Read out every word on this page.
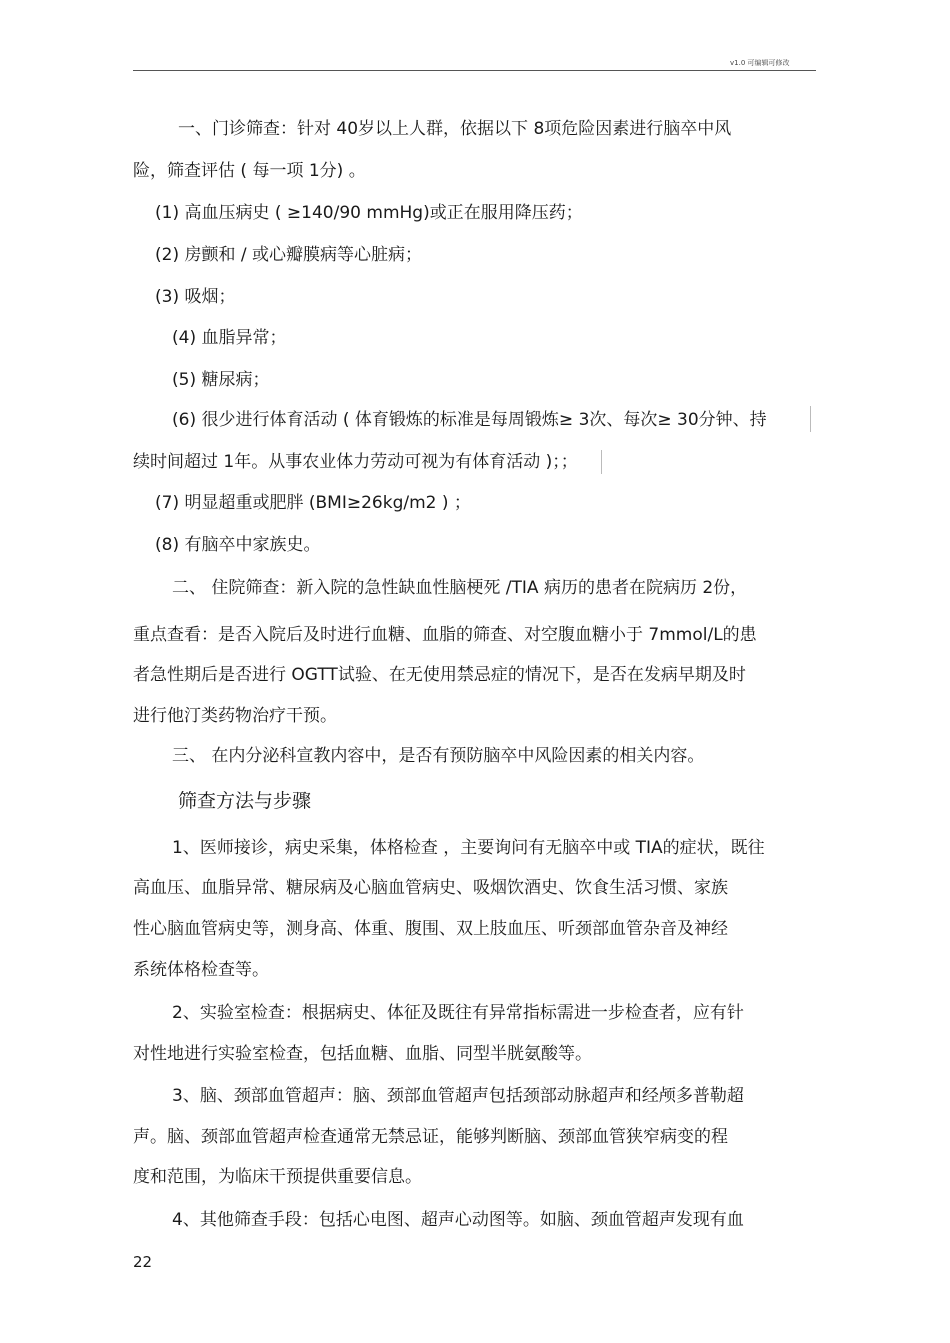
v1.0 可编辑可修改
一、门诊筛查：针对 40岁以上人群，依据以下 8项危险因素进行脑卒中风
险，筛查评估 ( 每一项 1分) 。
(1) 高血压病史 ( ≥140/90 mmHg)或正在服用降压药；
(2) 房颤和 / 或心瓣膜病等心脏病；
(3) 吸烟；
(4) 血脂异常；
(5) 糖尿病；
(6) 很少进行体育活动 ( 体育锻炼的标准是每周锻炼≥ 3次、每次≥ 30分钟、持
续时间超过 1年。从事农业体力劳动可视为有体育活动 )；；
(7) 明显超重或肥胖 (BMI≥26kg/m2 ) ；
(8) 有脑卒中家族史。
二、 住院筛查：新入院的急性缺血性脑梗死 /TIA 病历的患者在院病历 2份，
重点查看：是否入院后及时进行血糖、血脂的筛查、对空腹血糖小于 7mmol/L的患
者急性期后是否进行 OGTT试验、在无使用禁忌症的情况下，是否在发病早期及时
进行他汀类药物治疗干预。
三、 在内分泌科宣教内容中，是否有预防脑卒中风险因素的相关内容。
筛查方法与步骤
1、医师接诊，病史采集，体格检查 ，主要询问有无脑卒中或 TIA的症状，既往
高血压、血脂异常、糖尿病及心脑血管病史、吸烟饮酒史、饮食生活习惯、家族
性心脑血管病史等，测身高、体重、腹围、双上肢血压、听颈部血管杂音及神经
系统体格检查等。
2、实验室检查：根据病史、体征及既往有异常指标需进一步检查者，应有针
对性地进行实验室检查，包括血糖、血脂、同型半胱氨酸等。
3、脑、颈部血管超声：脑、颈部血管超声包括颈部动脉超声和经颅多普勒超
声。脑、颈部血管超声检查通常无禁忌证，能够判断脑、颈部血管狭窄病变的程
度和范围，为临床干预提供重要信息。
4、其他筛查手段：包括心电图、超声心动图等。如脑、颈血管超声发现有血
22
